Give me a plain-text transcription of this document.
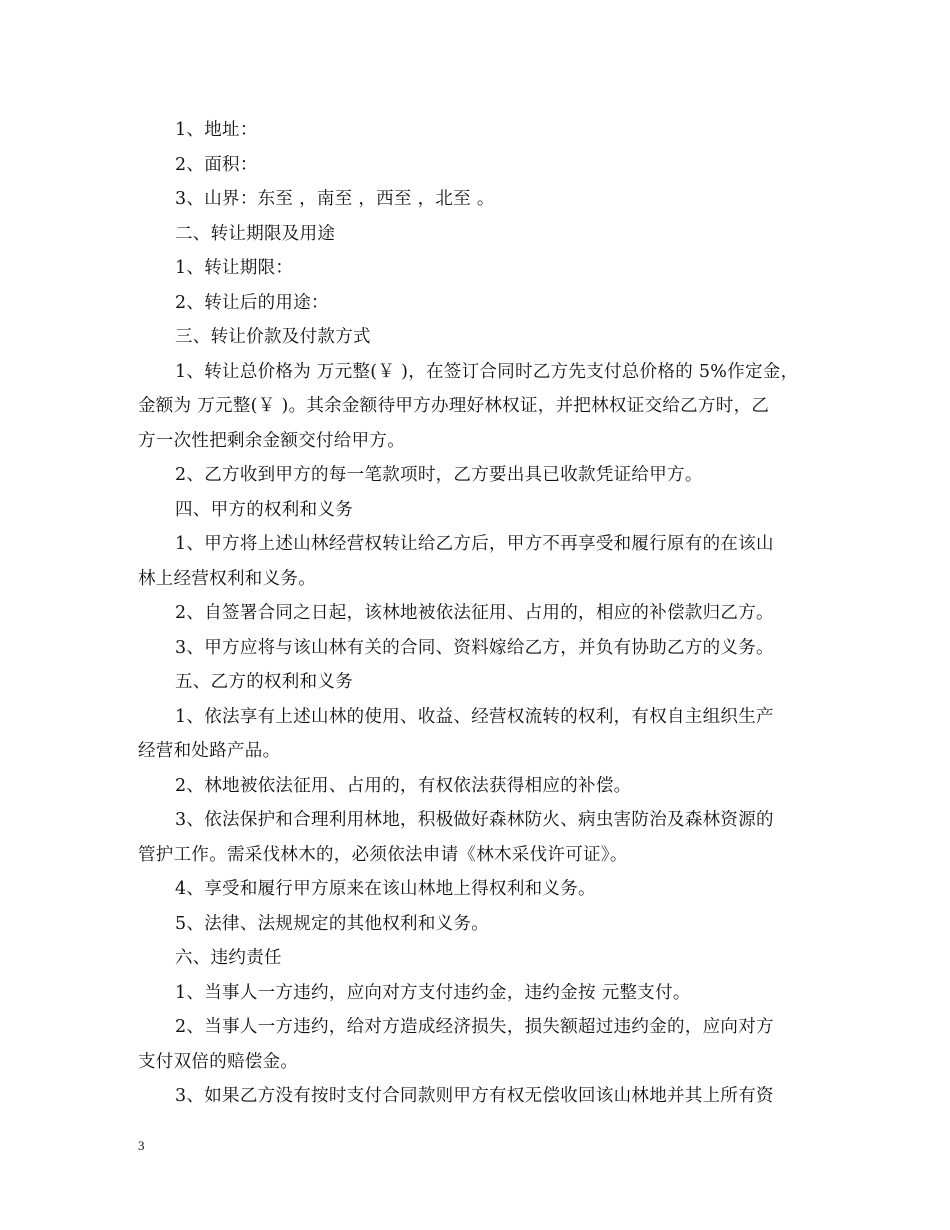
1、地址：
2、面积：
3、山界：东至 ，南至 ，西至 ，北至 。
二、转让期限及用途
1、转让期限：
2、转让后的用途：
三、转让价款及付款方式
1、转让总价格为 万元整(￥ )，在签订合同时乙方先支付总价格的 5%作定金，
金额为 万元整(￥ )。其余金额待甲方办理好林权证，并把林权证交给乙方时，乙
方一次性把剩余金额交付给甲方。
2、乙方收到甲方的每一笔款项时，乙方要出具已收款凭证给甲方。
四、甲方的权利和义务
1、甲方将上述山林经营权转让给乙方后，甲方不再享受和履行原有的在该山
林上经营权利和义务。
2、自签署合同之日起，该林地被依法征用、占用的，相应的补偿款归乙方。
3、甲方应将与该山林有关的合同、资料嫁给乙方，并负有协助乙方的义务。
五、乙方的权利和义务
1、依法享有上述山林的使用、收益、经营权流转的权利，有权自主组织生产
经营和处路产品。
2、林地被依法征用、占用的，有权依法获得相应的补偿。
3、依法保护和合理利用林地，积极做好森林防火、病虫害防治及森林资源的
管护工作。需采伐林木的，必须依法申请《林木采伐许可证》。
4、享受和履行甲方原来在该山林地上得权利和义务。
5、法律、法规规定的其他权利和义务。
六、违约责任
1、当事人一方违约，应向对方支付违约金，违约金按 元整支付。
2、当事人一方违约，给对方造成经济损失，损失额超过违约金的，应向对方
支付双倍的赔偿金。
3、如果乙方没有按时支付合同款则甲方有权无偿收回该山林地并其上所有资
3
